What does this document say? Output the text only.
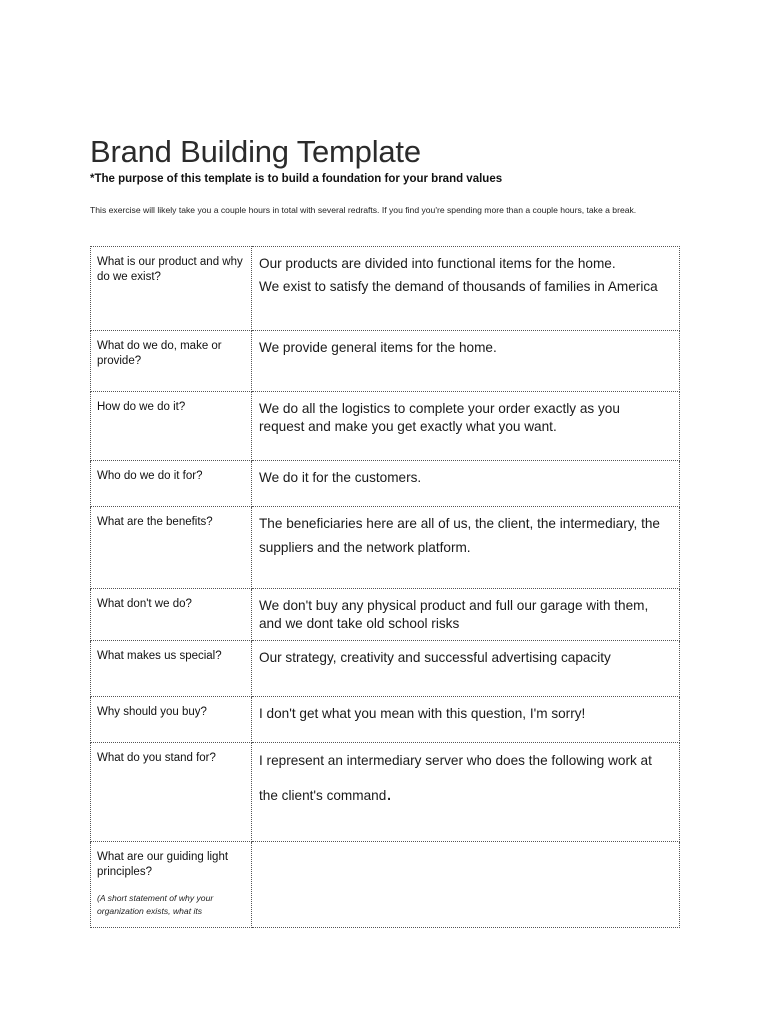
Brand Building Template
*The purpose of this template is to build a foundation for your brand values
This exercise will likely take you a couple hours in total with several redrafts. If you find you're spending more than a couple hours, take a break.
What is our product and why do we exist?	Our products are divided into functional items for the home.
We exist to satisfy the demand of thousands of families in America

What do we do, make or provide?	We provide general items for the home.

How do we do it?	We do all the logistics to complete your order exactly as you request and make you get exactly what you want.

Who do we do it for?	We do it for the customers.

What are the benefits?	The beneficiaries here are all of us, the client, the intermediary, the suppliers and the network platform.

What don't we do?	We don't buy any physical product and full our garage with them, and we dont take old school risks

What makes us special?	Our strategy, creativity and successful advertising capacity

Why should you buy?	I don't get what you mean with this question, I'm sorry!

What do you stand for?	I represent an intermediary server who does the following work at the client's command.

What are our guiding light principles?
(A short statement of why your organization exists, what its	
